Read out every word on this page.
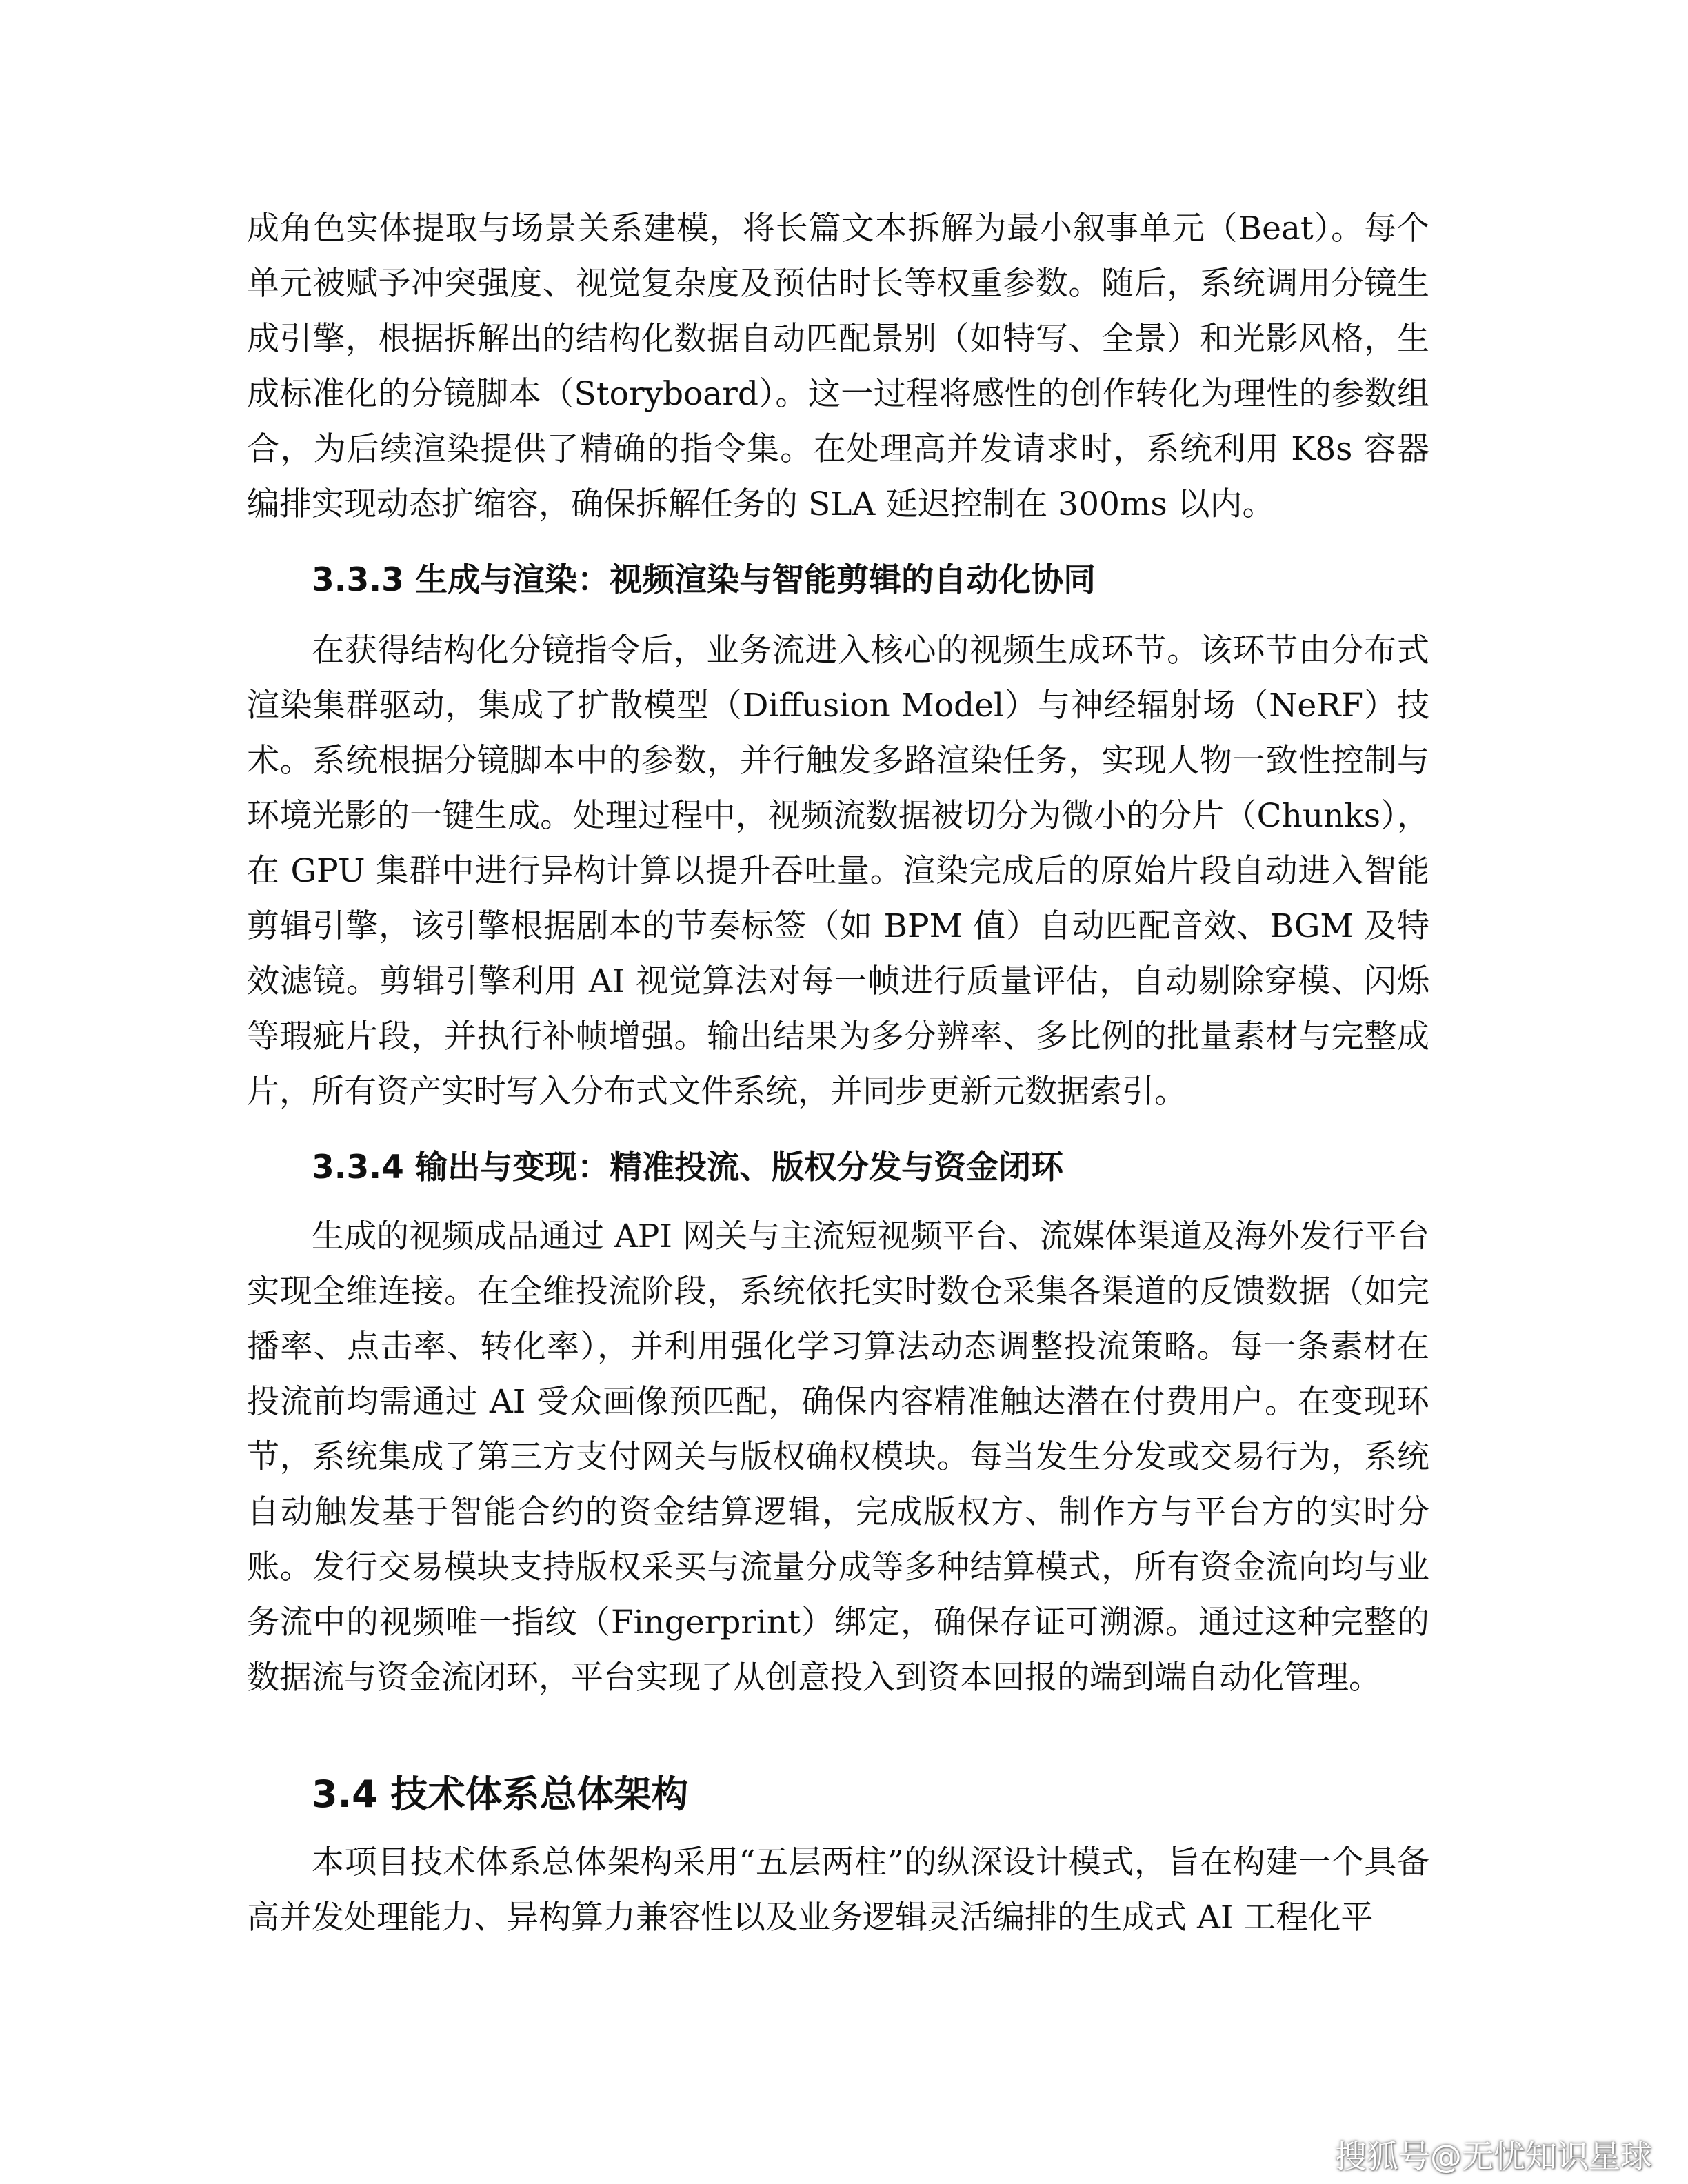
成角色实体提取与场景关系建模，将长篇文本拆解为最小叙事单元（Beat）。每个单元被赋予冲突强度、视觉复杂度及预估时长等权重参数。随后，系统调用分镜生成引擎，根据拆解出的结构化数据自动匹配景别（如特写、全景）和光影风格，生成标准化的分镜脚本（Storyboard）。这一过程将感性的创作转化为理性的参数组合，为后续渲染提供了精确的指令集。在处理高并发请求时，系统利用 K8s 容器编排实现动态扩缩容，确保拆解任务的 SLA 延迟控制在 300ms 以内。

3.3.3 生成与渲染：视频渲染与智能剪辑的自动化协同

在获得结构化分镜指令后，业务流进入核心的视频生成环节。该环节由分布式渲染集群驱动，集成了扩散模型（Diffusion Model）与神经辐射场（NeRF）技术。系统根据分镜脚本中的参数，并行触发多路渲染任务，实现人物一致性控制与环境光影的一键生成。处理过程中，视频流数据被切分为微小的分片（Chunks），在 GPU 集群中进行异构计算以提升吞吐量。渲染完成后的原始片段自动进入智能剪辑引擎，该引擎根据剧本的节奏标签（如 BPM 值）自动匹配音效、BGM 及特效滤镜。剪辑引擎利用 AI 视觉算法对每一帧进行质量评估，自动剔除穿模、闪烁等瑕疵片段，并执行补帧增强。输出结果为多分辨率、多比例的批量素材与完整成片，所有资产实时写入分布式文件系统，并同步更新元数据索引。

3.3.4 输出与变现：精准投流、版权分发与资金闭环

生成的视频成品通过 API 网关与主流短视频平台、流媒体渠道及海外发行平台实现全维连接。在全维投流阶段，系统依托实时数仓采集各渠道的反馈数据（如完播率、点击率、转化率），并利用强化学习算法动态调整投流策略。每一条素材在投流前均需通过 AI 受众画像预匹配，确保内容精准触达潜在付费用户。在变现环节，系统集成了第三方支付网关与版权确权模块。每当发生分发或交易行为，系统自动触发基于智能合约的资金结算逻辑，完成版权方、制作方与平台方的实时分账。发行交易模块支持版权采买与流量分成等多种结算模式，所有资金流向均与业务流中的视频唯一指纹（Fingerprint）绑定，确保存证可溯源。通过这种完整的数据流与资金流闭环，平台实现了从创意投入到资本回报的端到端自动化管理。

3.4 技术体系总体架构

本项目技术体系总体架构采用“五层两柱”的纵深设计模式，旨在构建一个具备高并发处理能力、异构算力兼容性以及业务逻辑灵活编排的生成式 AI 工程化平

搜狐号@无忧知识星球
